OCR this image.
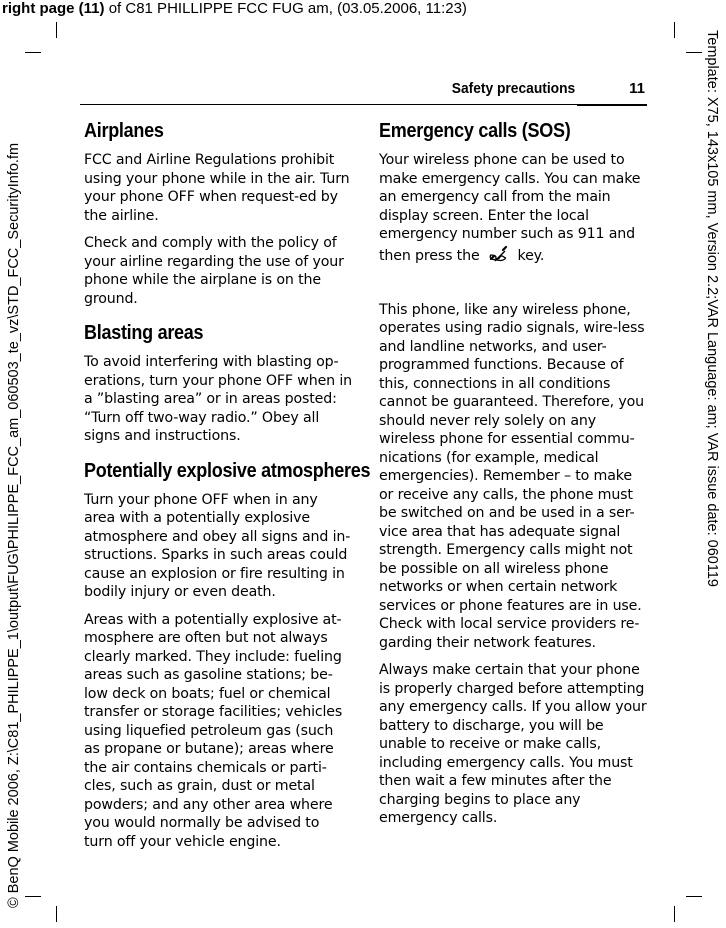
right page (11) of C81 PHILLIPPE FCC FUG am, (03.05.2006, 11:23)
© BenQ Mobile 2006, Z:\C81_PHILIPPE_1\output\FUG\PHILIPPE_FCC_am_060503_te_vz\STD_FCC_SecurityInfo.fm	Template: X75, 143x105 mm, Version 2.2;VAR Language: am; VAR issue date: 060119
Safety precautions	11
Airplanes

FCC and Airline Regulations prohibit using your phone while in the air. Turn your phone OFF when request-ed by the airline.

Check and comply with the policy of your airline regarding the use of your phone while the airplane is on the ground.

Blasting areas

To avoid interfering with blasting op-erations, turn your phone OFF when in a ”blasting area” or in areas posted: “Turn off two-way radio.” Obey all signs and instructions.

Potentially explosive atmospheres

Turn your phone OFF when in any area with a potentially explosive atmosphere and obey all signs and in-structions. Sparks in such areas could cause an explosion or fire resulting in bodily injury or even death.

Areas with a potentially explosive at-mosphere are often but not always clearly marked. They include: fueling areas such as gasoline stations; be-low deck on boats; fuel or chemical transfer or storage facilities; vehicles using liquefied petroleum gas (such as propane or butane); areas where the air contains chemicals or parti-cles, such as grain, dust or metal powders; and any other area where you would normally be advised to turn off your vehicle engine.

Emergency calls (SOS)

Your wireless phone can be used to make emergency calls. You can make an emergency call from the main display screen. Enter the local emergency number such as 911 and then press the	key.

This phone, like any wireless phone, operates using radio signals, wire-less and landline networks, and user-programmed functions. Because of this, connections in all conditions cannot be guaranteed. Therefore, you should never rely solely on any wireless phone for essential commu-nications (for example, medical emergencies). Remember – to make or receive any calls, the phone must be switched on and be used in a ser-vice area that has adequate signal strength. Emergency calls might not be possible on all wireless phone networks or when certain network services or phone features are in use. Check with local service providers re-garding their network features.

Always make certain that your phone is properly charged before attempting any emergency calls. If you allow your battery to discharge, you will be unable to receive or make calls, including emergency calls. You must then wait a few minutes after the charging begins to place any emergency calls.
